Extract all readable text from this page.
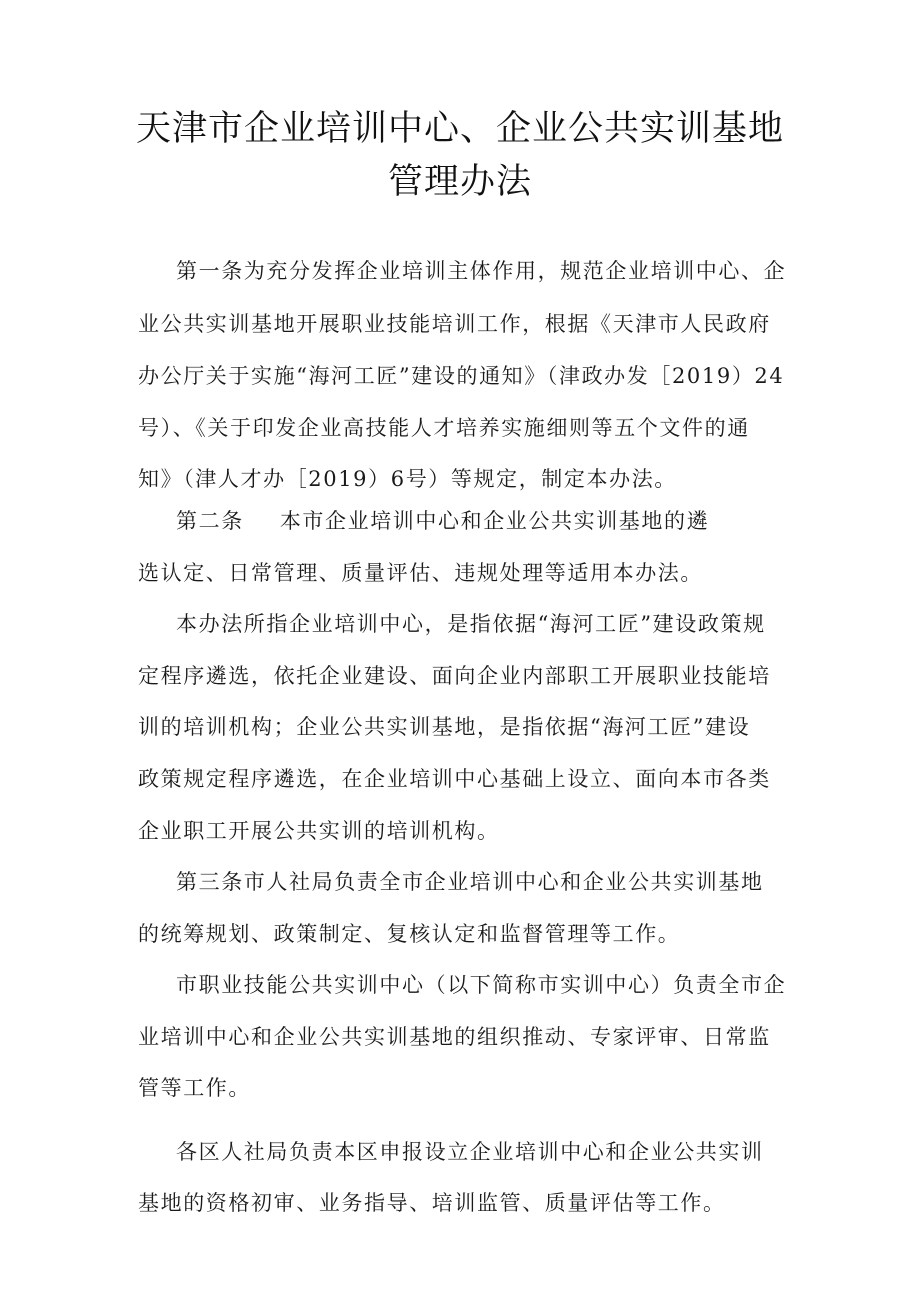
天津市企业培训中心、企业公共实训基地
管理办法
第一条为充分发挥企业培训主体作用，规范企业培训中心、企
业公共实训基地开展职业技能培训工作，根据《天津市人民政府
办公厅关于实施“海河工匠”建设的通知》（津政办发［2019）24
号）、《关于印发企业高技能人才培养实施细则等五个文件的通
知》（津人才办［2019）6号）等规定，制定本办法。
第二条 本市企业培训中心和企业公共实训基地的遴
选认定、日常管理、质量评估、违规处理等适用本办法。
本办法所指企业培训中心，是指依据“海河工匠”建设政策规
定程序遴选，依托企业建设、面向企业内部职工开展职业技能培
训的培训机构；企业公共实训基地，是指依据“海河工匠”建设
政策规定程序遴选，在企业培训中心基础上设立、面向本市各类
企业职工开展公共实训的培训机构。
第三条市人社局负责全市企业培训中心和企业公共实训基地
的统筹规划、政策制定、复核认定和监督管理等工作。
市职业技能公共实训中心（以下简称市实训中心）负责全市企
业培训中心和企业公共实训基地的组织推动、专家评审、日常监
管等工作。
各区人社局负责本区申报设立企业培训中心和企业公共实训
基地的资格初审、业务指导、培训监管、质量评估等工作。
